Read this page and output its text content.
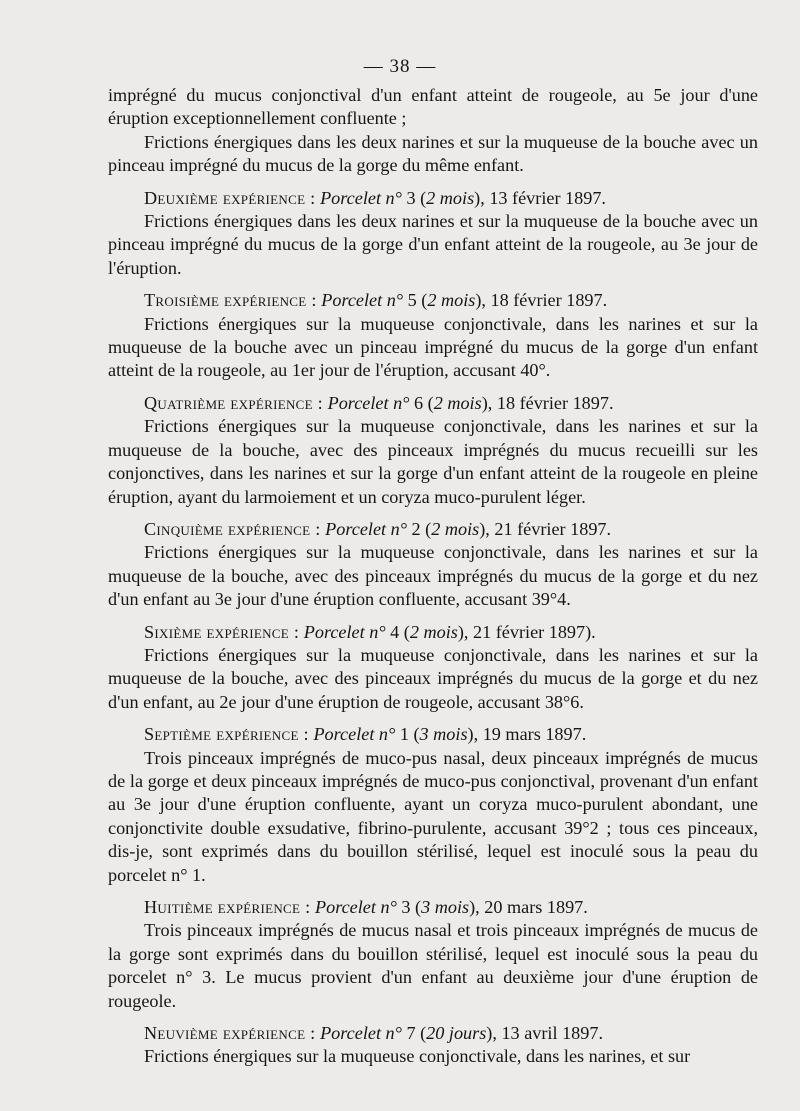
— 38 —

imprégné du mucus conjonctival d'un enfant atteint de rougeole, au 5e jour d'une éruption exceptionnellement confluente ;

Frictions énergiques dans les deux narines et sur la muqueuse de la bouche avec un pinceau imprégné du mucus de la gorge du même enfant.

Deuxième expérience : Porcelet n° 3 (2 mois), 13 février 1897.

Frictions énergiques dans les deux narines et sur la muqueuse de la bouche avec un pinceau imprégné du mucus de la gorge d'un enfant atteint de la rougeole, au 3e jour de l'éruption.

Troisième expérience : Porcelet n° 5 (2 mois), 18 février 1897.

Frictions énergiques sur la muqueuse conjonctivale, dans les narines et sur la muqueuse de la bouche avec un pinceau imprégné du mucus de la gorge d'un enfant atteint de la rougeole, au 1er jour de l'éruption, accusant 40°.

Quatrième expérience : Porcelet n° 6 (2 mois), 18 février 1897.

Frictions énergiques sur la muqueuse conjonctivale, dans les narines et sur la muqueuse de la bouche, avec des pinceaux imprégnés du mucus recueilli sur les conjonctives, dans les narines et sur la gorge d'un enfant atteint de la rougeole en pleine éruption, ayant du larmoiement et un coryza muco-purulent léger.

Cinquième expérience : Porcelet n° 2 (2 mois), 21 février 1897.

Frictions énergiques sur la muqueuse conjonctivale, dans les narines et sur la muqueuse de la bouche, avec des pinceaux imprégnés du mucus de la gorge et du nez d'un enfant au 3e jour d'une éruption confluente, accusant 39°4.

Sixième expérience : Porcelet n° 4 (2 mois), 21 février 1897).

Frictions énergiques sur la muqueuse conjonctivale, dans les narines et sur la muqueuse de la bouche, avec des pinceaux imprégnés du mucus de la gorge et du nez d'un enfant, au 2e jour d'une éruption de rougeole, accusant 38°6.

Septième expérience : Porcelet n° 1 (3 mois), 19 mars 1897.

Trois pinceaux imprégnés de muco-pus nasal, deux pinceaux imprégnés de mucus de la gorge et deux pinceaux imprégnés de muco-pus conjonctival, provenant d'un enfant au 3e jour d'une éruption confluente, ayant un coryza muco-purulent abondant, une conjonctivite double exsudative, fibrino-purulente, accusant 39°2 ; tous ces pinceaux, dis-je, sont exprimés dans du bouillon stérilisé, lequel est inoculé sous la peau du porcelet n° 1.

Huitième expérience : Porcelet n° 3 (3 mois), 20 mars 1897.

Trois pinceaux imprégnés de mucus nasal et trois pinceaux imprégnés de mucus de la gorge sont exprimés dans du bouillon stérilisé, lequel est inoculé sous la peau du porcelet n° 3. Le mucus provient d'un enfant au deuxième jour d'une éruption de rougeole.

Neuvième expérience : Porcelet n° 7 (20 jours), 13 avril 1897.

Frictions énergiques sur la muqueuse conjonctivale, dans les narines, et sur
